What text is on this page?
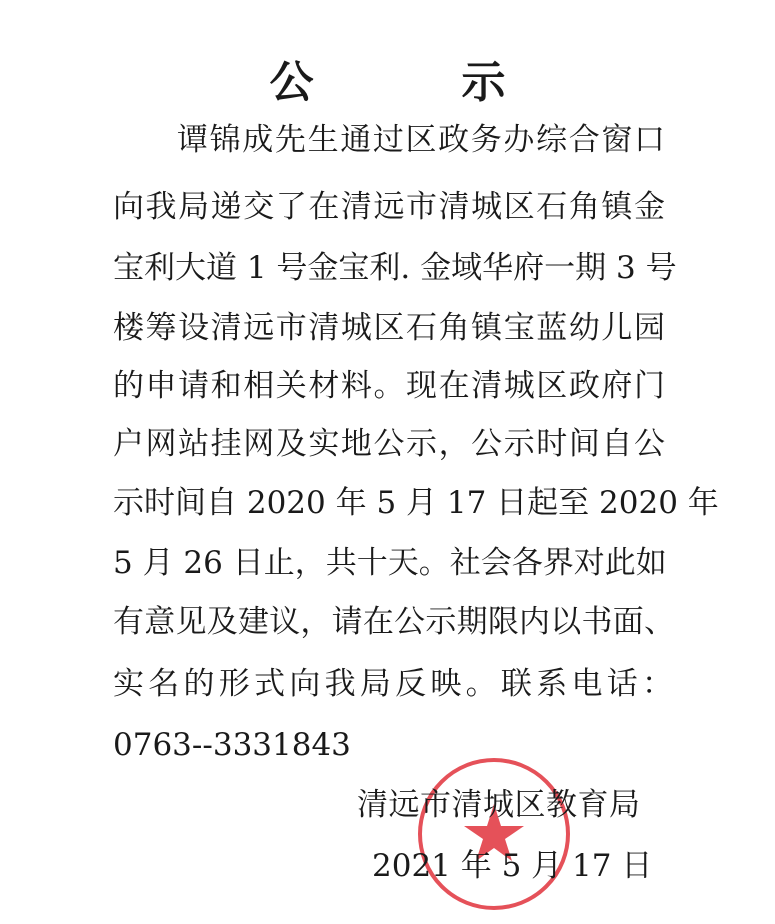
公　示
谭锦成先生通过区政务办综合窗口
向我局递交了在清远市清城区石角镇金
宝利大道 1 号金宝利. 金域华府一期 3 号
楼筹设清远市清城区石角镇宝蓝幼儿园
的申请和相关材料。现在清城区政府门
户网站挂网及实地公示，公示时间自公
示时间自 2020 年 5 月 17 日起至 2020 年
5 月 26 日止，共十天。社会各界对此如
有意见及建议，请在公示期限内以书面、
实名的形式向我局反映。联系电话：
0763--3331843
清远市清城区教育局
2021 年 5 月 17 日
